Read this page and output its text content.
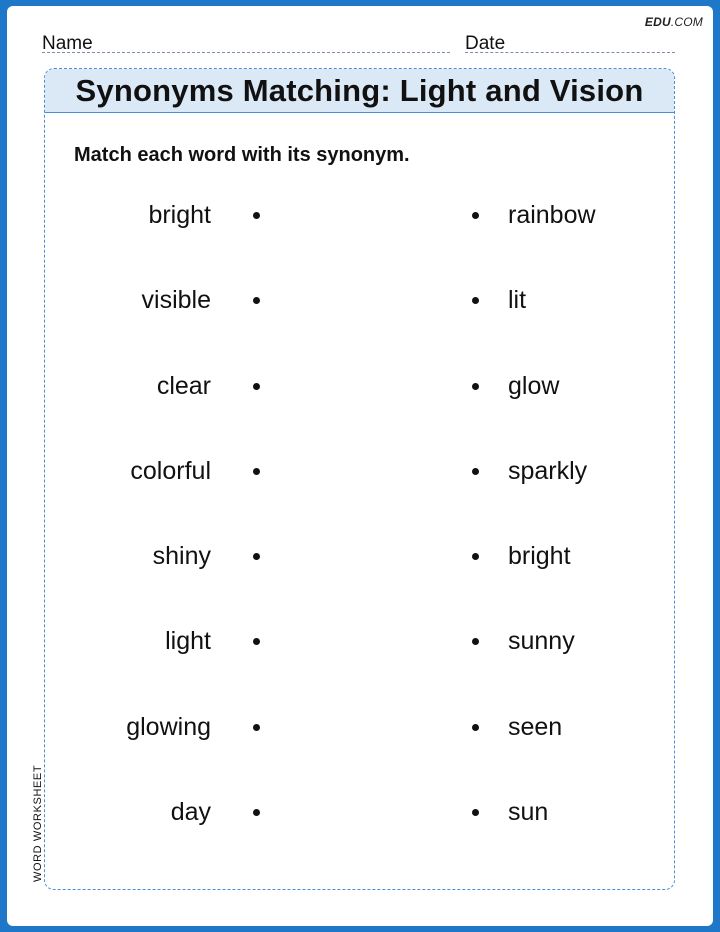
EDU.COM
Name	Date
Synonyms Matching: Light and Vision
Match each word with its synonym.
bright	rainbow
visible	lit
clear	glow
colorful	sparkly
shiny	bright
light	sunny
glowing	seen
day	sun
WORD WORKSHEET
